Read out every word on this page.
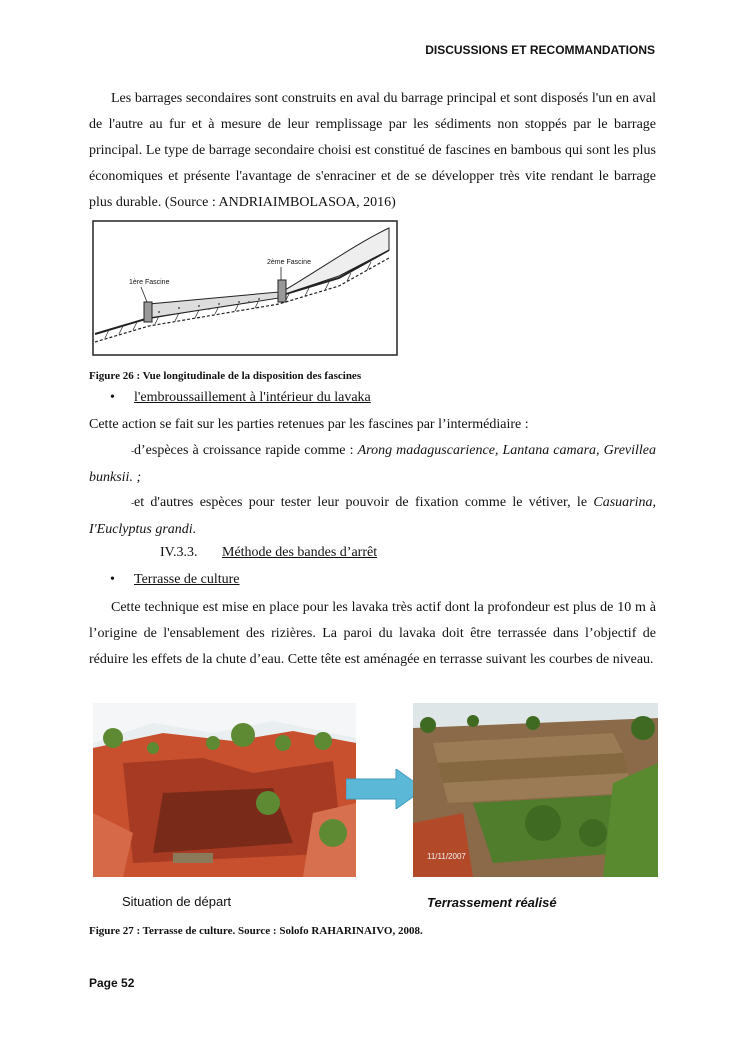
DISCUSSIONS ET RECOMMANDATIONS
Les barrages secondaires sont construits en aval du barrage principal et sont disposés l'un en aval de l'autre au fur et à mesure de leur remplissage par les sédiments non stoppés par le barrage principal. Le type de barrage secondaire choisi est constitué de fascines en bambous qui sont les plus économiques et présente l'avantage de s'enraciner et de se développer très vite rendant le barrage plus durable. (Source : ANDRIAIMBOLASOA, 2016)
1ère Fascine
2ème Fascine
Figure 26 : Vue longitudinale de la disposition des fascines
• l'embroussaillement à l'intérieur du lavaka
Cette action se fait sur les parties retenues par les fascines par l’intermédiaire :
-d’espèces à croissance rapide comme : Arong madaguscarience, Lantana camara, Grevillea bunksii. ;
-et d'autres espèces pour tester leur pouvoir de fixation comme le vétiver, le Casuarina, I'Euclyptus grandi.
IV.3.3. Méthode des bandes d’arrêt
• Terrasse de culture
Cette technique est mise en place pour les lavaka très actif dont la profondeur est plus de 10 m à l’origine de l'ensablement des rizières. La paroi du lavaka doit être terrassée dans l’objectif de réduire les effets de la chute d’eau. Cette tête est aménagée en terrasse suivant les courbes de niveau.
11/11/2007
Situation de départ	Terrassement réalisé
Figure 27 : Terrasse de culture. Source : Solofo RAHARINAIVO, 2008.
Page 52
